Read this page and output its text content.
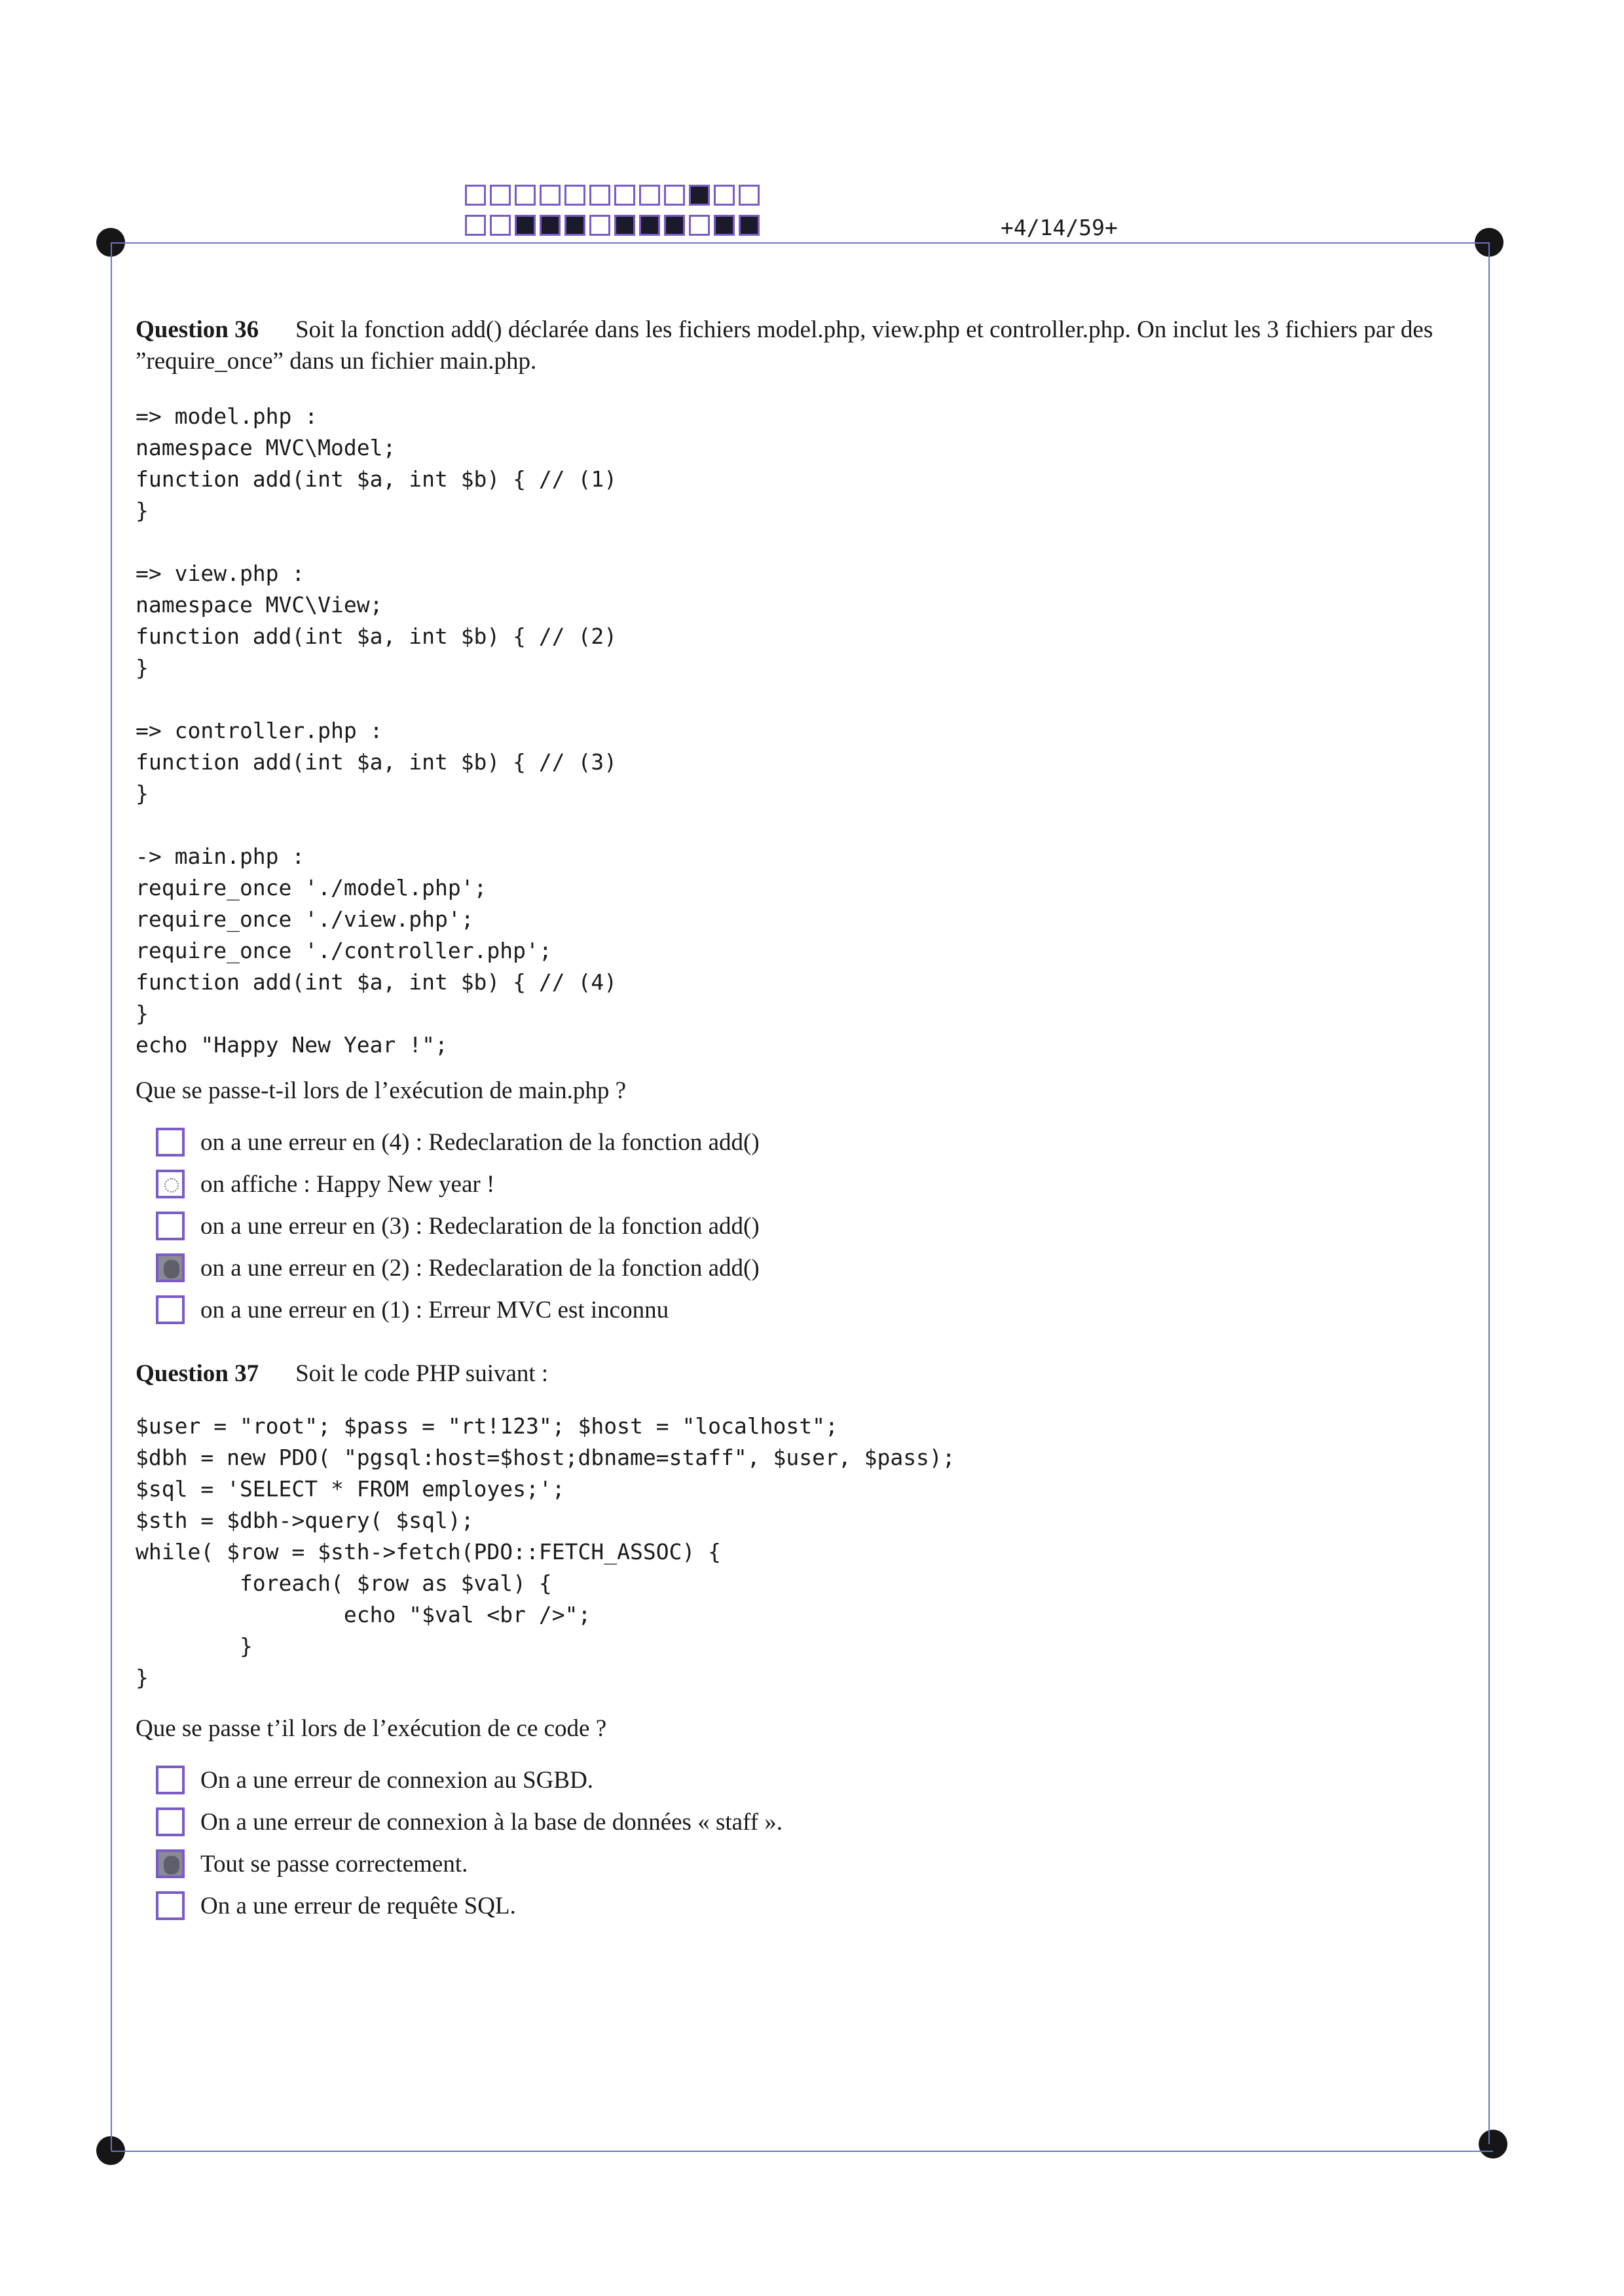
+4/14/59+
Question 36 Soit la fonction add() déclarée dans les fichiers model.php, view.php et controller.php. On inclut les 3 fichiers par des ”require_once” dans un fichier main.php.
=> model.php :
namespace MVC\Model;
function add(int $a, int $b) { // (1)
}

=> view.php :
namespace MVC\View;
function add(int $a, int $b) { // (2)
}

=> controller.php :
function add(int $a, int $b) { // (3)
}

-> main.php :
require_once './model.php';
require_once './view.php';
require_once './controller.php';
function add(int $a, int $b) { // (4)
}
echo "Happy New Year !";
Que se passe-t-il lors de l’exécution de main.php ?
on a une erreur en (4) : Redeclaration de la fonction add()
on affiche : Happy New year !
on a une erreur en (3) : Redeclaration de la fonction add()
on a une erreur en (2) : Redeclaration de la fonction add()
on a une erreur en (1) : Erreur MVC est inconnu
Question 37 Soit le code PHP suivant :
$user = "root"; $pass = "rt!123"; $host = "localhost";
$dbh = new PDO( "pgsql:host=$host;dbname=staff", $user, $pass);
$sql = 'SELECT * FROM employes;';
$sth = $dbh->query( $sql);
while( $row = $sth->fetch(PDO::FETCH_ASSOC) {
foreach( $row as $val) {
echo "$val <br />";
}
}
Que se passe t’il lors de l’exécution de ce code ?
On a une erreur de connexion au SGBD.
On a une erreur de connexion à la base de données « staff ».
Tout se passe correctement.
On a une erreur de requête SQL.
